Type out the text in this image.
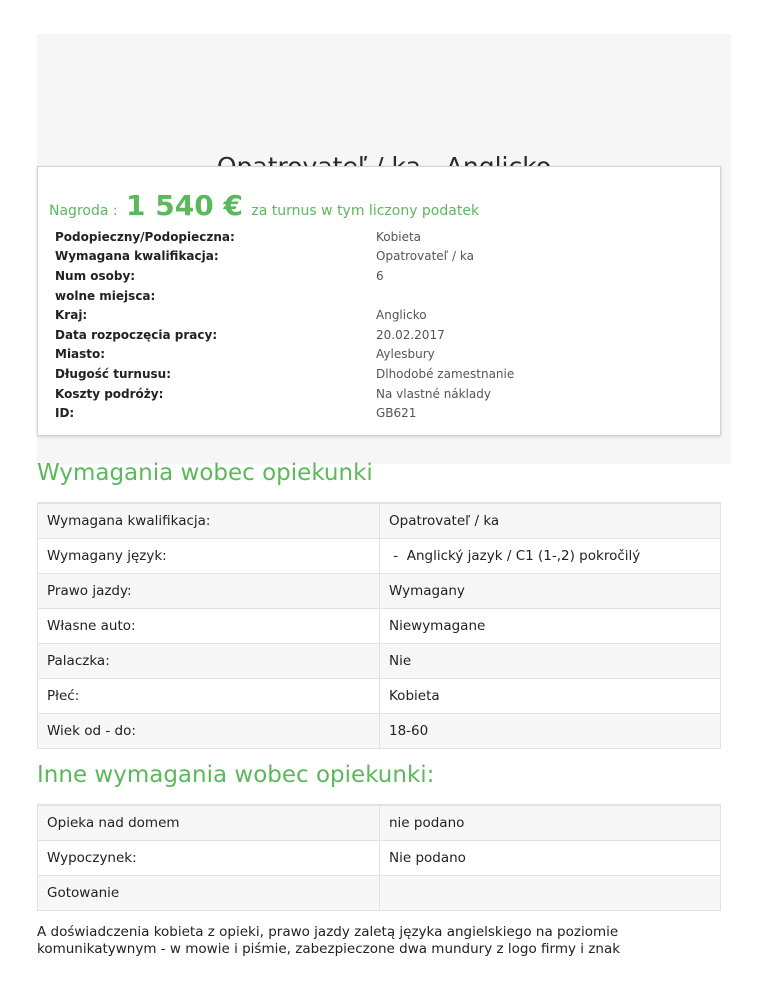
Nagroda : 1 540 € za turnus w tym liczony podatek
Podopieczny/Podopieczna:	Kobieta
Wymagana kwalifikacja:	Opatrovateľ / ka
Num osoby:	6
wolne miejsca:
Kraj:	Anglicko
Data rozpoczęcia pracy:	20.02.2017
Miasto:	Aylesbury
Długość turnusu:	Dlhodobé zamestnanie
Koszty podróży:	Na vlastné náklady
ID:	GB621
Wymagania wobec opiekunki
Wymagana kwalifikacja:	Opatrovateľ / ka
Wymagany język:	-  Anglický jazyk / C1 (1-,2) pokročilý
Prawo jazdy:	Wymagany
Własne auto:	Niewymagane
Palaczka:	Nie
Płeć:	Kobieta
Wiek od - do:	18-60
Inne wymagania wobec opiekunki:
Opieka nad domem	nie podano
Wypoczynek:	Nie podano
Gotowanie	

A doświadczenia kobieta z opieki, prawo jazdy zaletą języka angielskiego na poziomie komunikatywnym - w mowie i piśmie, zabezpieczone dwa mundury z logo firmy i znak
